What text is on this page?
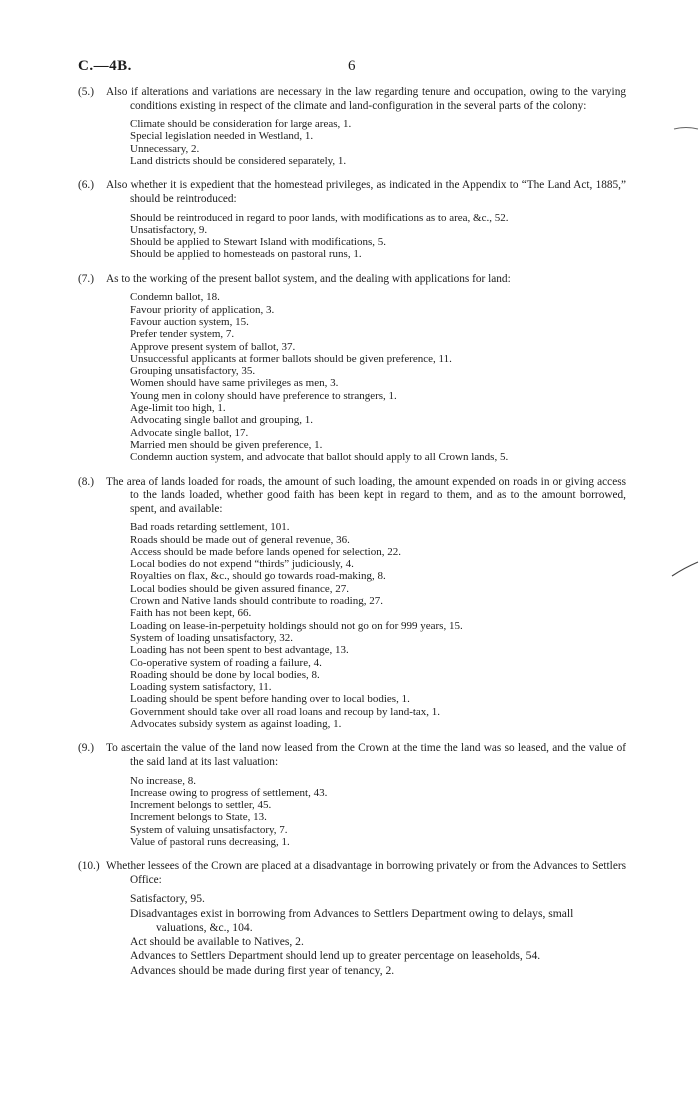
C.—4B.	6
(5.) Also if alterations and variations are necessary in the law regarding tenure and occupation, owing to the varying conditions existing in respect of the climate and land-configuration in the several parts of the colony:
Climate should be consideration for large areas, 1.
Special legislation needed in Westland, 1.
Unnecessary, 2.
Land districts should be considered separately, 1.
(6.) Also whether it is expedient that the homestead privileges, as indicated in the Appendix to “The Land Act, 1885,” should be reintroduced:
Should be reintroduced in regard to poor lands, with modifications as to area, &c., 52.
Unsatisfactory, 9.
Should be applied to Stewart Island with modifications, 5.
Should be applied to homesteads on pastoral runs, 1.
(7.) As to the working of the present ballot system, and the dealing with applications for land:
Condemn ballot, 18.
Favour priority of application, 3.
Favour auction system, 15.
Prefer tender system, 7.
Approve present system of ballot, 37.
Unsuccessful applicants at former ballots should be given preference, 11.
Grouping unsatisfactory, 35.
Women should have same privileges as men, 3.
Young men in colony should have preference to strangers, 1.
Age-limit too high, 1.
Advocating single ballot and grouping, 1.
Advocate single ballot, 17.
Married men should be given preference, 1.
Condemn auction system, and advocate that ballot should apply to all Crown lands, 5.
(8.) The area of lands loaded for roads, the amount of such loading, the amount expended on roads in or giving access to the lands loaded, whether good faith has been kept in regard to them, and as to the amount borrowed, spent, and available:
Bad roads retarding settlement, 101.
Roads should be made out of general revenue, 36.
Access should be made before lands opened for selection, 22.
Local bodies do not expend “thirds” judiciously, 4.
Royalties on flax, &c., should go towards road-making, 8.
Local bodies should be given assured finance, 27.
Crown and Native lands should contribute to roading, 27.
Faith has not been kept, 66.
Loading on lease-in-perpetuity holdings should not go on for 999 years, 15.
System of loading unsatisfactory, 32.
Loading has not been spent to best advantage, 13.
Co-operative system of roading a failure, 4.
Roading should be done by local bodies, 8.
Loading system satisfactory, 11.
Loading should be spent before handing over to local bodies, 1.
Government should take over all road loans and recoup by land-tax, 1.
Advocates subsidy system as against loading, 1.
(9.) To ascertain the value of the land now leased from the Crown at the time the land was so leased, and the value of the said land at its last valuation:
No increase, 8.
Increase owing to progress of settlement, 43.
Increment belongs to settler, 45.
Increment belongs to State, 13.
System of valuing unsatisfactory, 7.
Value of pastoral runs decreasing, 1.
(10.) Whether lessees of the Crown are placed at a disadvantage in borrowing privately or from the Advances to Settlers Office:
Satisfactory, 95.
Disadvantages exist in borrowing from Advances to Settlers Department owing to delays, small valuations, &c., 104.
Act should be available to Natives, 2.
Advances to Settlers Department should lend up to greater percentage on leaseholds, 54.
Advances should be made during first year of tenancy, 2.
